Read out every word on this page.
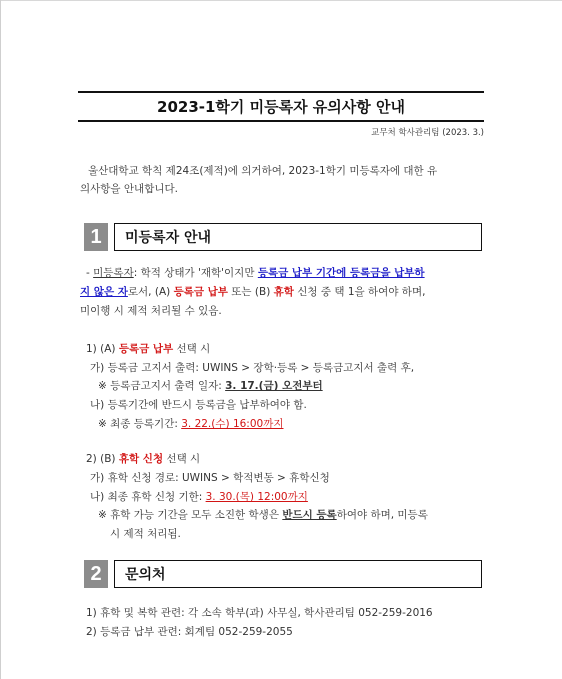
2023-1학기 미등록자 유의사항 안내
교무처 학사관리팀 (2023. 3.)
울산대학교 학칙 제24조(제적)에 의거하여, 2023-1학기 미등록자에 대한 유
의사항을 안내합니다.
1	미등록자 안내
- 미등록자: 학적 상태가 '재학'이지만 등록금 납부 기간에 등록금을 납부하
지 않은 자로서, (A) 등록금 납부 또는 (B) 휴학 신청 중 택 1을 하여야 하며,
미이행 시 제적 처리될 수 있음.
1) (A) 등록금 납부 선택 시
가) 등록금 고지서 출력: UWINS > 장학·등록 > 등록금고지서 출력 후,
※ 등록금고지서 출력 일자: 3. 17.(금) 오전부터
나) 등록기간에 반드시 등록금을 납부하여야 함.
※ 최종 등록기간: 3. 22.(수) 16:00까지
2) (B) 휴학 신청 선택 시
가) 휴학 신청 경로: UWINS > 학적변동 > 휴학신청
나) 최종 휴학 신청 기한: 3. 30.(목) 12:00까지
※ 휴학 가능 기간을 모두 소진한 학생은 반드시 등록하여야 하며, 미등록
시 제적 처리됨.
2	문의처
1) 휴학 및 복학 관련: 각 소속 학부(과) 사무실, 학사관리팀 052-259-2016
2) 등록금 납부 관련: 회계팀 052-259-2055
